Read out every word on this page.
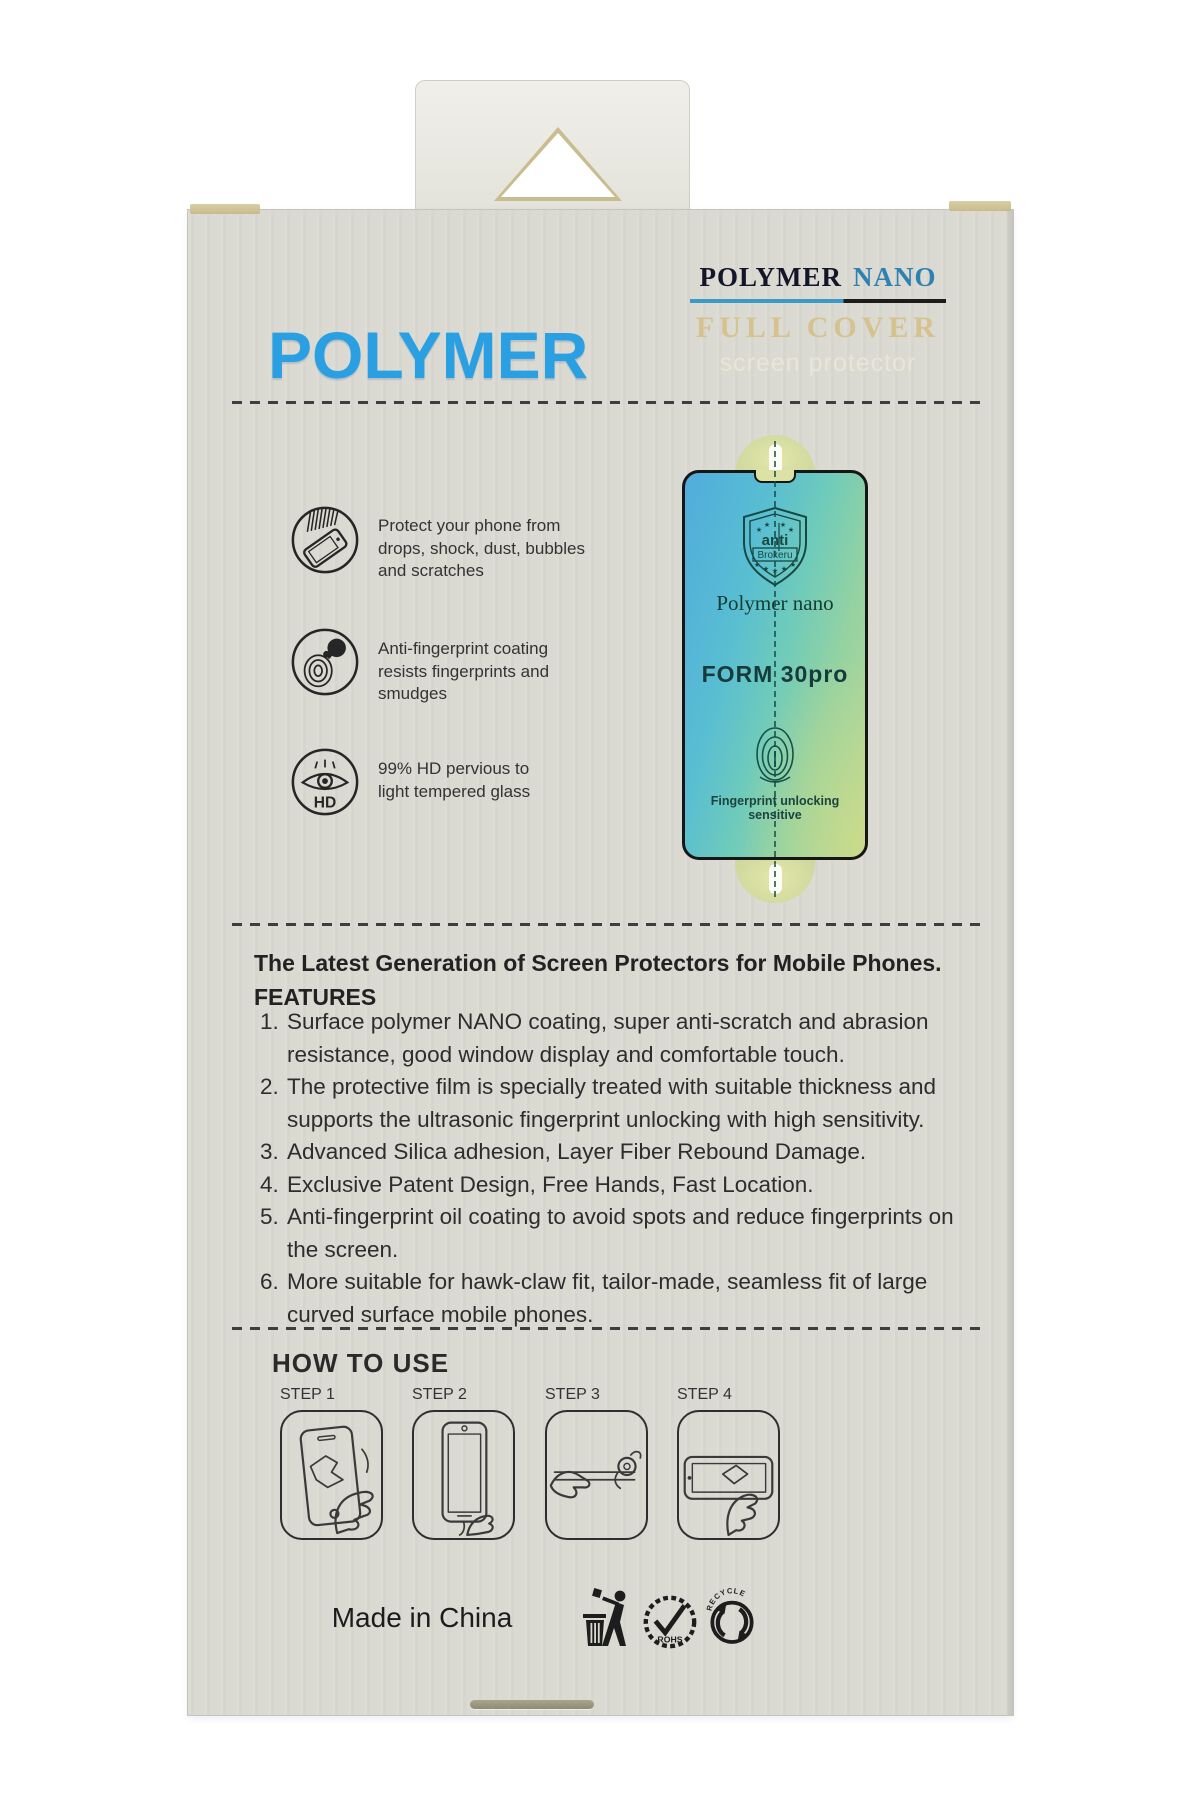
POLYMER
POLYMER NANO
FULL COVER
screen protector
Protect your phone from drops, shock, dust, bubbles and scratches
NO Anti-fingerprint coating resists fingerprints and smudges
HD
99% HD pervious to light tempered glass
★
★ ★
★
★
★ ★ ★
★
anti
Brokeru
Polymer nano
FORM 30pro
Fingerprint unlocking sensitive
The Latest Generation of Screen Protectors for Mobile Phones.
FEATURES
1. Surface polymer NANO coating, super anti-scratch and abrasion resistance, good window display and comfortable touch.
2. The protective film is specially treated with suitable thickness and supports the ultrasonic fingerprint unlocking with high sensitivity.
3. Advanced Silica adhesion, Layer Fiber Rebound Damage.
4. Exclusive Patent Design, Free Hands, Fast Location.
5. Anti-fingerprint oil coating to avoid spots and reduce fingerprints on the screen.
6. More suitable for hawk-claw fit, tailor-made, seamless fit of large curved surface mobile phones.
HOW TO USE
STEP 1	STEP 2	STEP 3	STEP 4
Made in China
ROHS
RECYCLE
